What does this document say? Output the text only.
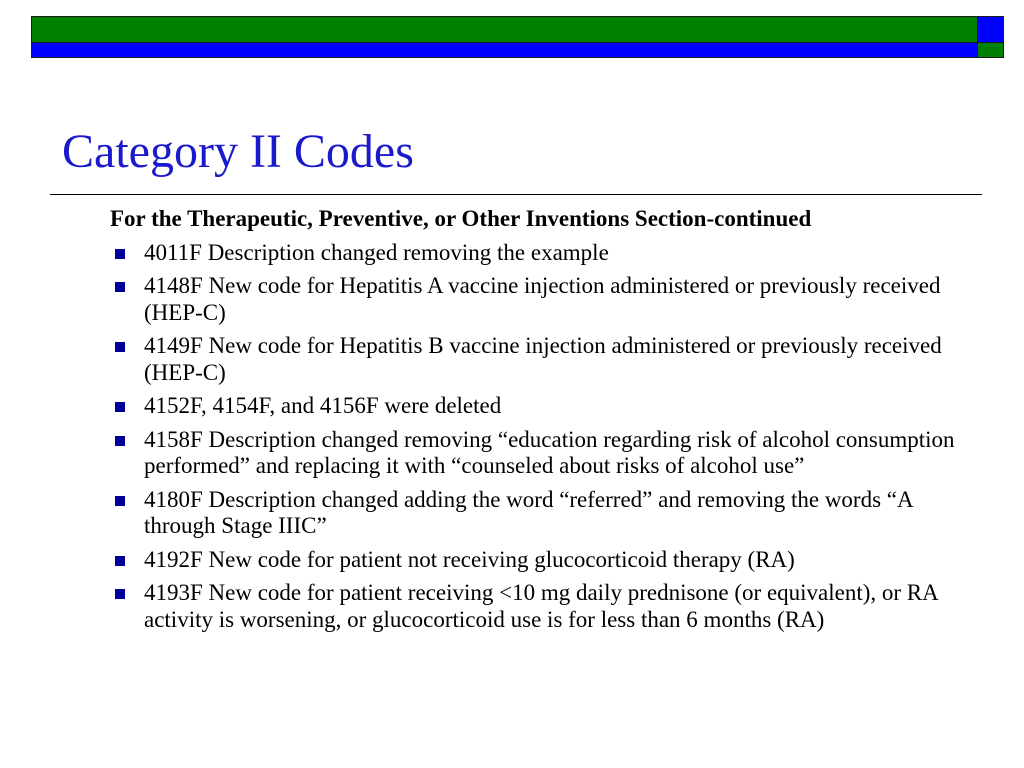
Category II Codes

For the Therapeutic, Preventive, or Other Inventions Section-continued

4011F Description changed removing the example
4148F New code for Hepatitis A vaccine injection administered or previously received (HEP-C)
4149F New code for Hepatitis B vaccine injection administered or previously received (HEP-C)
4152F, 4154F, and 4156F were deleted
4158F Description changed removing “education regarding risk of alcohol consumption performed” and replacing it with “counseled about risks of alcohol use”
4180F Description changed adding the word “referred” and removing the words “A through Stage IIIC”
4192F New code for patient not receiving glucocorticoid therapy (RA)
4193F New code for patient receiving <10 mg daily prednisone (or equivalent), or RA activity is worsening, or glucocorticoid use is for less than 6 months (RA)
